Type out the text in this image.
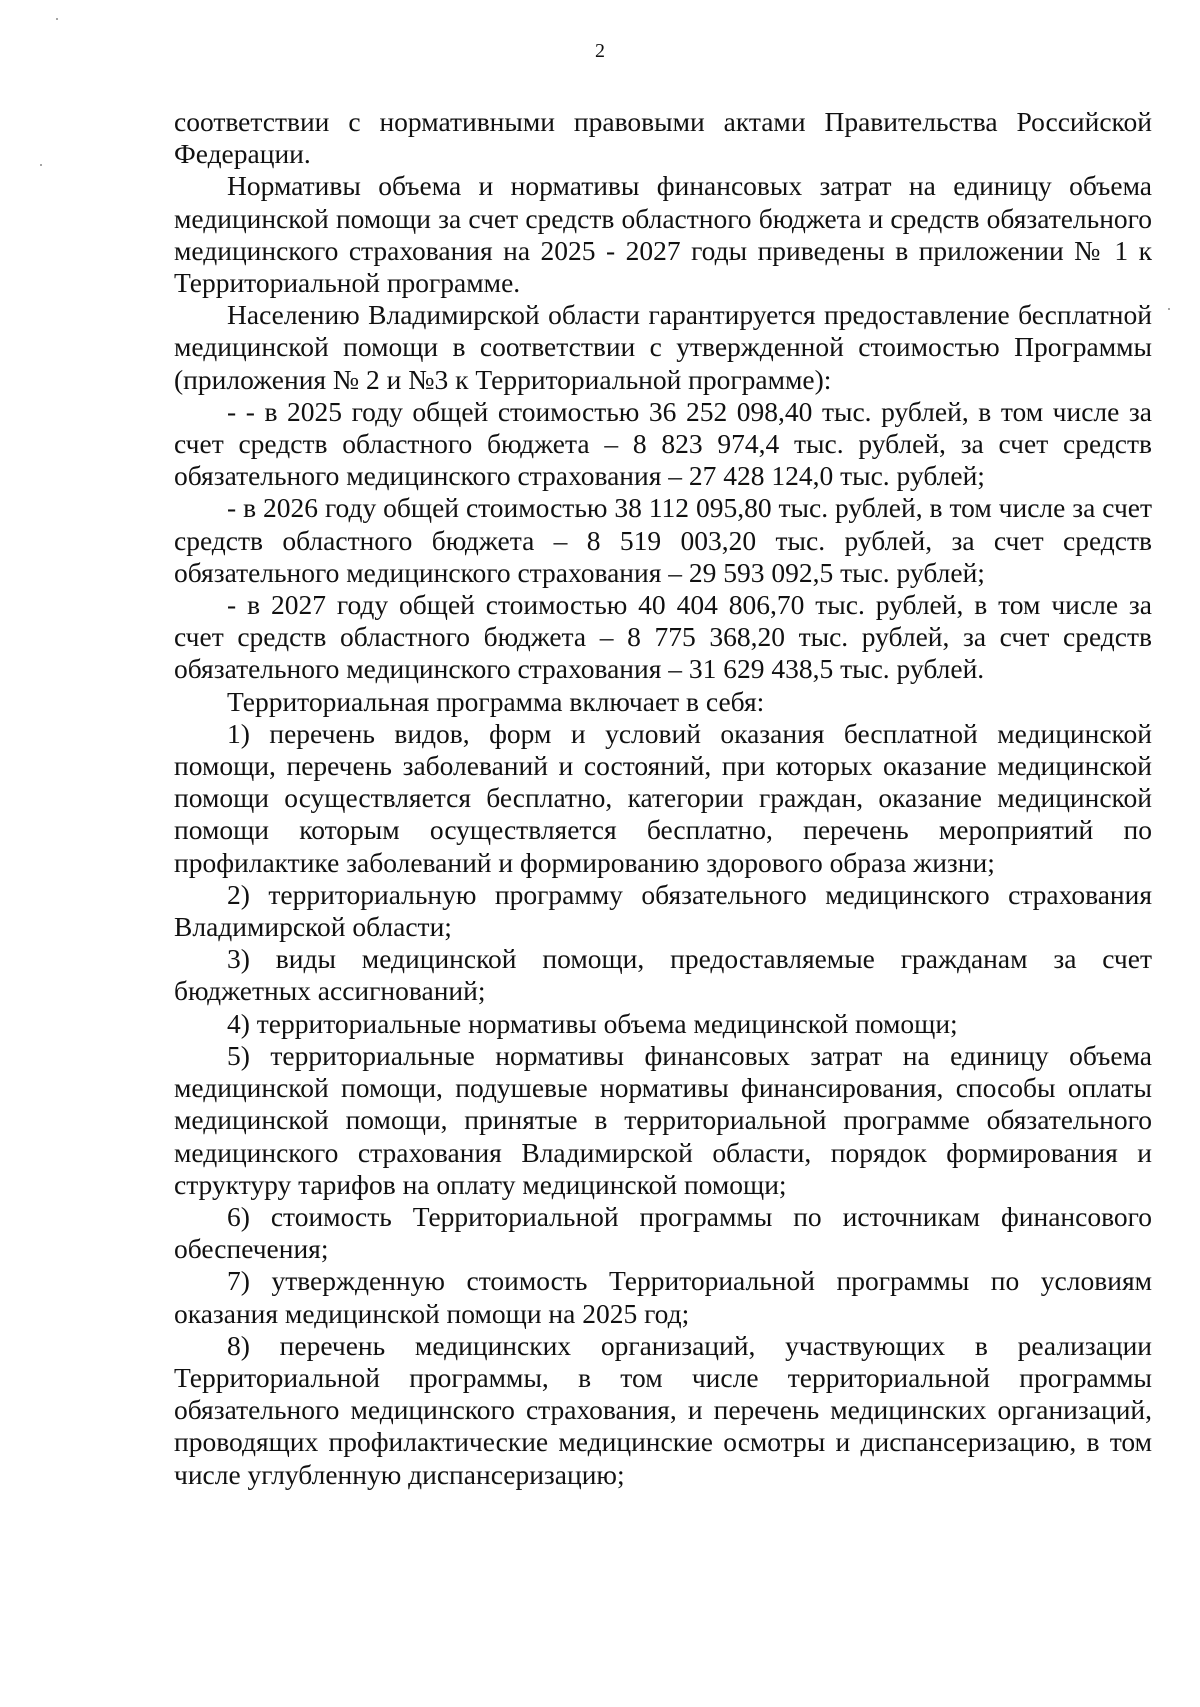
2

соответствии с нормативными правовыми актами Правительства Российской Федерации.

Нормативы объема и нормативы финансовых затрат на единицу объема медицинской помощи за счет средств областного бюджета и средств обязательного медицинского страхования на 2025 - 2027 годы приведены в приложении № 1 к Территориальной программе.

Населению Владимирской области гарантируется предоставление бесплатной медицинской помощи в соответствии с утвержденной стоимостью Программы (приложения № 2 и №3 к Территориальной программе):

- - в 2025 году общей стоимостью 36 252 098,40 тыс. рублей, в том числе за счет средств областного бюджета – 8 823 974,4 тыс. рублей, за счет средств обязательного медицинского страхования – 27 428 124,0 тыс. рублей;

- в 2026 году общей стоимостью 38 112 095,80 тыс. рублей, в том числе за счет средств областного бюджета – 8 519 003,20 тыс. рублей, за счет средств обязательного медицинского страхования – 29 593 092,5 тыс. рублей;

- в 2027 году общей стоимостью 40 404 806,70 тыс. рублей, в том числе за счет средств областного бюджета – 8 775 368,20 тыс. рублей, за счет средств обязательного медицинского страхования – 31 629 438,5 тыс. рублей.

Территориальная программа включает в себя:

1) перечень видов, форм и условий оказания бесплатной медицинской помощи, перечень заболеваний и состояний, при которых оказание медицинской помощи осуществляется бесплатно, категории граждан, оказание медицинской помощи которым осуществляется бесплатно, перечень мероприятий по профилактике заболеваний и формированию здорового образа жизни;

2) территориальную программу обязательного медицинского страхования Владимирской области;

3) виды медицинской помощи, предоставляемые гражданам за счет бюджетных ассигнований;

4) территориальные нормативы объема медицинской помощи;

5) территориальные нормативы финансовых затрат на единицу объема медицинской помощи, подушевые нормативы финансирования, способы оплаты медицинской помощи, принятые в территориальной программе обязательного медицинского страхования Владимирской области, порядок формирования и структуру тарифов на оплату медицинской помощи;

6) стоимость Территориальной программы по источникам финансового обеспечения;

7) утвержденную стоимость Территориальной программы по условиям оказания медицинской помощи на 2025 год;

8) перечень медицинских организаций, участвующих в реализации Территориальной программы, в том числе территориальной программы обязательного медицинского страхования, и перечень медицинских организаций, проводящих профилактические медицинские осмотры и диспансеризацию, в том числе углубленную диспансеризацию;
